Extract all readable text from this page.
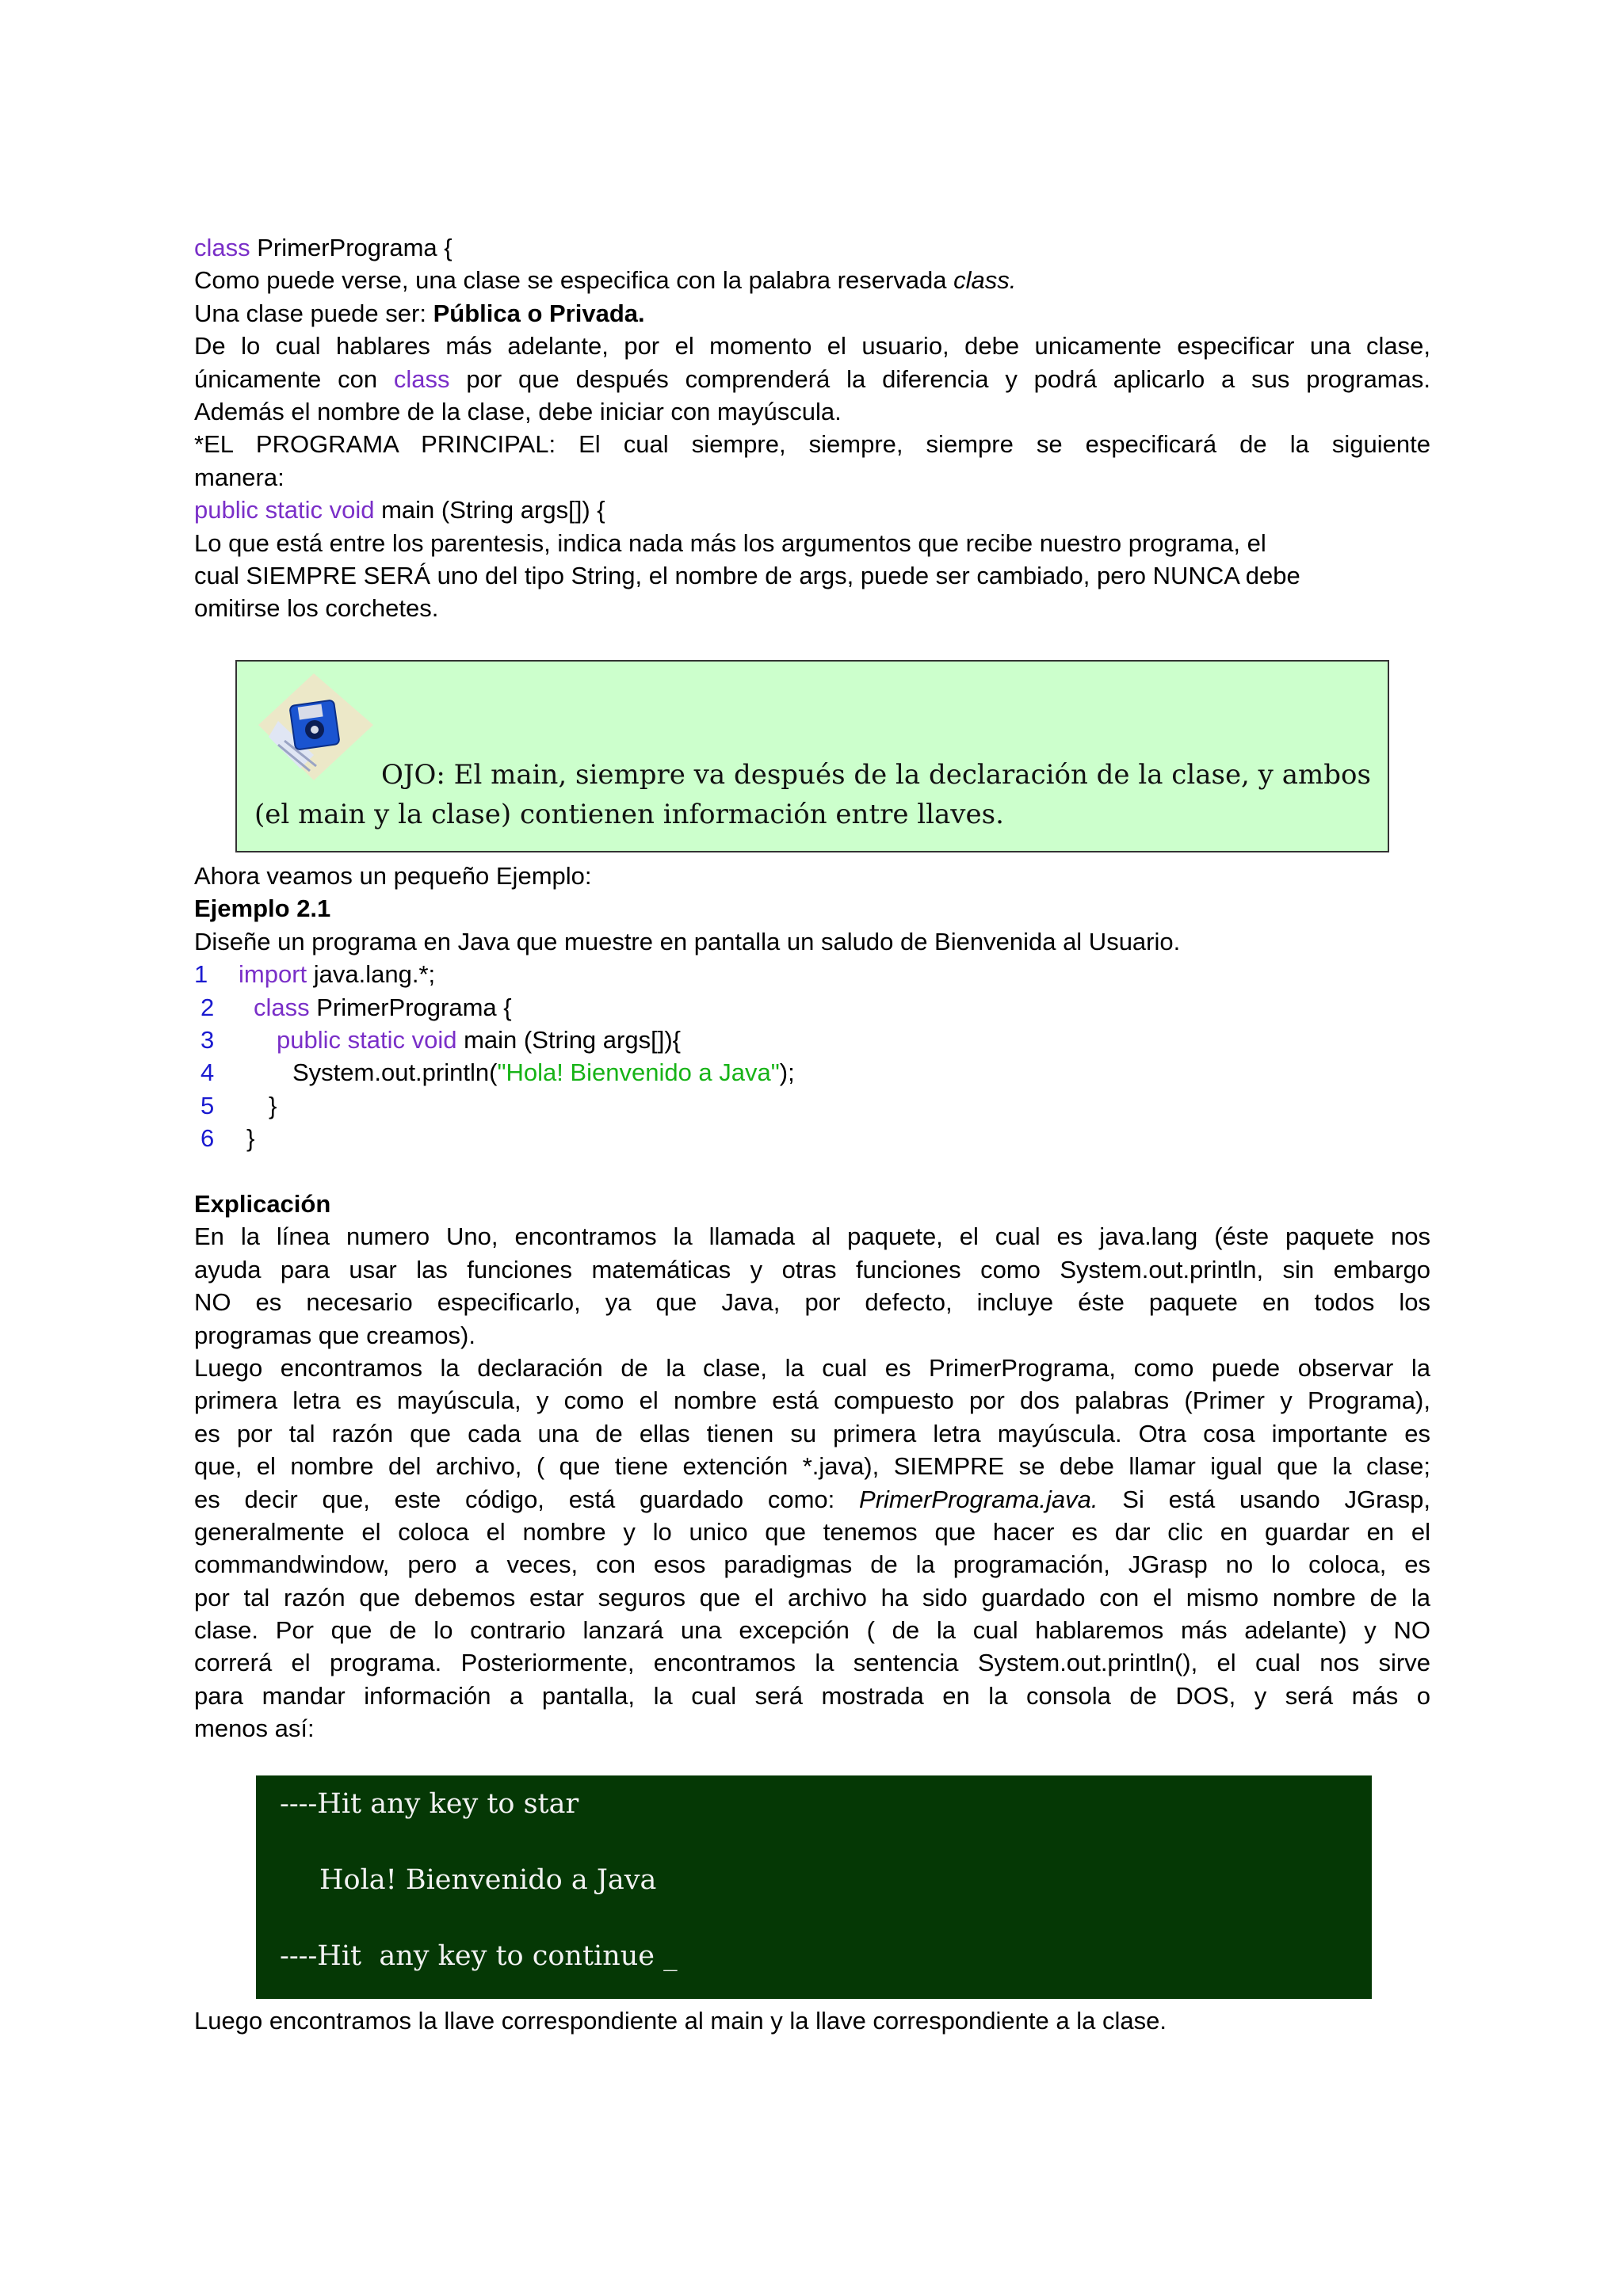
class PrimerPrograma {
Como puede verse, una clase se especifica con la palabra reservada class.
Una clase puede ser: Pública o Privada.
De lo cual hablares más adelante, por el momento el usuario, debe unicamente especificar una clase,
únicamente con class por que después comprenderá la diferencia y podrá aplicarlo a sus programas.
Además el nombre de la clase, debe iniciar con mayúscula.
*EL PROGRAMA PRINCIPAL: El cual siempre, siempre, siempre se especificará de la siguiente
manera:
public static void main (String args[]) {
Lo que está entre los parentesis, indica nada más los argumentos que recibe nuestro programa, el
cual SIEMPRE SERÁ uno del tipo String, el nombre de args, puede ser cambiado, pero NUNCA debe
omitirse los corchetes.
OJO: El main, siempre va después de la declaración de la clase, y ambos
(el main y la clase) contienen información entre llaves.
Ahora veamos un pequeño Ejemplo:
Ejemplo 2.1
Diseñe un programa en Java que muestre en pantalla un saludo de Bienvenida al Usuario.
1 import java.lang.*;
2 class PrimerPrograma {
3	public static void main (String args[]){
4	System.out.println("Hola! Bienvenido a Java");
5 }
6 }
Explicación
En la línea numero Uno, encontramos la llamada al paquete, el cual es java.lang (éste paquete nos
ayuda para usar las funciones matemáticas y otras funciones como System.out.println, sin embargo
NO es necesario especificarlo, ya que Java, por defecto, incluye éste paquete en todos los
programas que creamos).
Luego encontramos la declaración de la clase, la cual es PrimerPrograma, como puede observar la
primera letra es mayúscula, y como el nombre está compuesto por dos palabras (Primer y Programa),
es por tal razón que cada una de ellas tienen su primera letra mayúscula. Otra cosa importante es
que, el nombre del archivo, ( que tiene extención *.java), SIEMPRE se debe llamar igual que la clase;
es decir que, este código, está guardado como: PrimerPrograma.java. Si está usando JGrasp,
generalmente el coloca el nombre y lo unico que tenemos que hacer es dar clic en guardar en el
commandwindow, pero a veces, con esos paradigmas de la programación, JGrasp no lo coloca, es
por tal razón que debemos estar seguros que el archivo ha sido guardado con el mismo nombre de la
clase. Por que de lo contrario lanzará una excepción ( de la cual hablaremos más adelante) y NO
correrá el programa. Posteriormente, encontramos la sentencia System.out.println(), el cual nos sirve
para mandar información a pantalla, la cual será mostrada en la consola de DOS, y será más o
menos así:
----Hit any key to star
Hola! Bienvenido a Java
----Hit  any key to continue _
Luego encontramos la llave correspondiente al main y la llave correspondiente a la clase.
